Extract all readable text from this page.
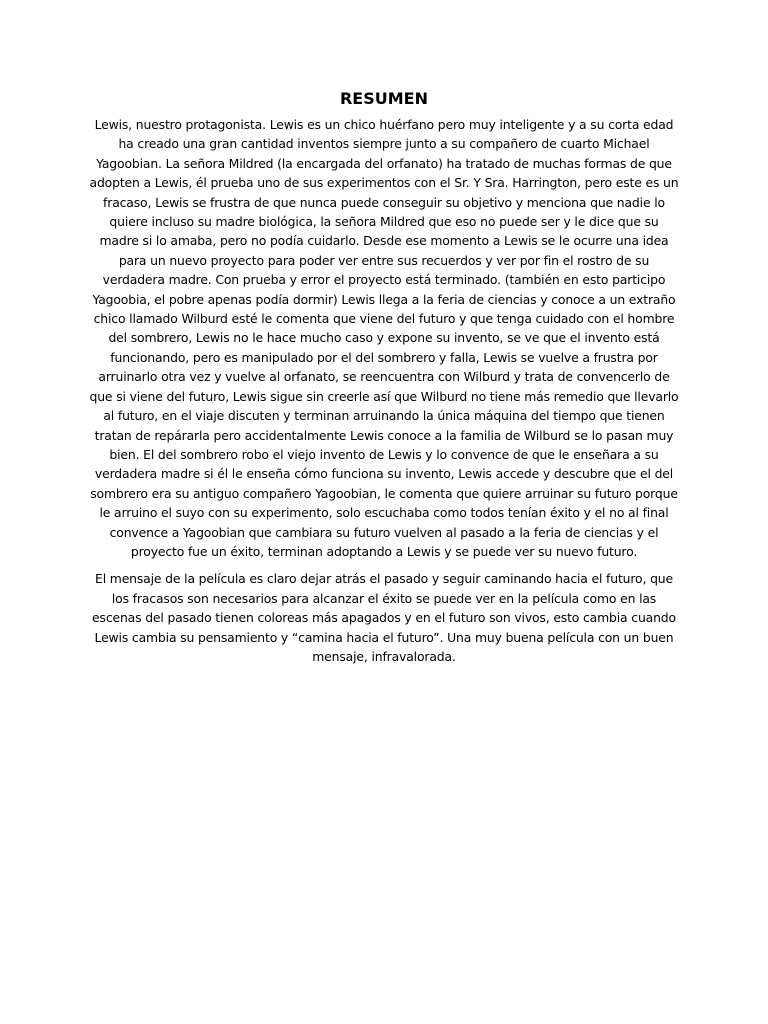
RESUMEN

Lewis, nuestro protagonista. Lewis es un chico huérfano pero muy inteligente y a su corta edad ha creado una gran cantidad inventos siempre junto a su compañero de cuarto Michael Yagoobian. La señora Mildred (la encargada del orfanato) ha tratado de muchas formas de que adopten a Lewis, él prueba uno de sus experimentos con el Sr. Y Sra. Harrington, pero este es un fracaso, Lewis se frustra de que nunca puede conseguir su objetivo y menciona que nadie lo quiere incluso su madre biológica, la señora Mildred que eso no puede ser y le dice que su madre si lo amaba, pero no podía cuidarlo. Desde ese momento a Lewis se le ocurre una idea para un nuevo proyecto para poder ver entre sus recuerdos y ver por fin el rostro de su verdadera madre. Con prueba y error el proyecto está terminado. (también en esto participo Yagoobia, el pobre apenas podía dormir) Lewis llega a la feria de ciencias y conoce a un extraño chico llamado Wilburd esté le comenta que viene del futuro y que tenga cuidado con el hombre del sombrero, Lewis no le hace mucho caso y expone su invento, se ve que el invento está funcionando, pero es manipulado por el del sombrero y falla, Lewis se vuelve a frustra por arruinarlo otra vez y vuelve al orfanato, se reencuentra con Wilburd y trata de convencerlo de que si viene del futuro, Lewis sigue sin creerle así que Wilburd no tiene más remedio que llevarlo al futuro, en el viaje discuten y terminan arruinando la única máquina del tiempo que tienen tratan de repárarla pero accidentalmente Lewis conoce a la familia de Wilburd se lo pasan muy bien. El del sombrero robo el viejo invento de Lewis y lo convence de que le enseñara a su verdadera madre si él le enseña cómo funciona su invento, Lewis accede y descubre que el del sombrero era su antiguo compañero Yagoobian, le comenta que quiere arruinar su futuro porque le arruino el suyo con su experimento, solo escuchaba como todos tenían éxito y el no al final convence a Yagoobian que cambiara su futuro vuelven al pasado a la feria de ciencias y el proyecto fue un éxito, terminan adoptando a Lewis y se puede ver su nuevo futuro.

El mensaje de la película es claro dejar atrás el pasado y seguir caminando hacia el futuro, que los fracasos son necesarios para alcanzar el éxito se puede ver en la película como en las escenas del pasado tienen coloreas más apagados y en el futuro son vivos, esto cambia cuando Lewis cambia su pensamiento y “camina hacia el futuro”. Una muy buena película con un buen mensaje, infravalorada.
